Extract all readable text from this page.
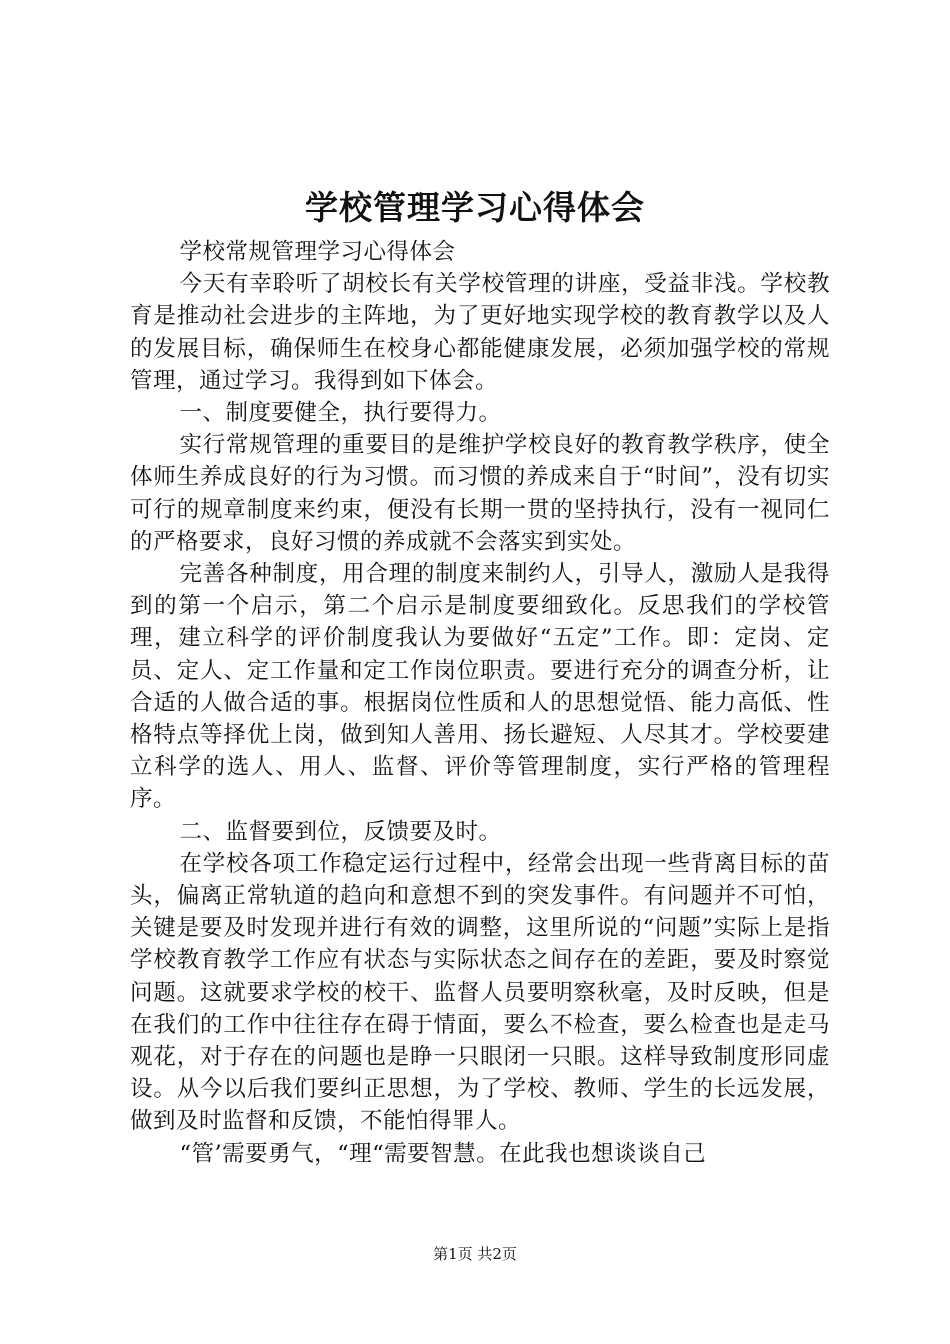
学校管理学习心得体会

学校常规管理学习心得体会

今天有幸聆听了胡校长有关学校管理的讲座，受益非浅。学校教育是推动社会进步的主阵地，为了更好地实现学校的教育教学以及人的发展目标，确保师生在校身心都能健康发展，必须加强学校的常规管理，通过学习。我得到如下体会。

一、制度要健全，执行要得力。

实行常规管理的重要目的是维护学校良好的教育教学秩序，使全体师生养成良好的行为习惯。而习惯的养成来自于“时间”，没有切实可行的规章制度来约束，便没有长期一贯的坚持执行，没有一视同仁的严格要求，良好习惯的养成就不会落实到实处。

完善各种制度，用合理的制度来制约人，引导人，激励人是我得到的第一个启示，第二个启示是制度要细致化。反思我们的学校管理，建立科学的评价制度我认为要做好“五定”工作。即：定岗、定员、定人、定工作量和定工作岗位职责。要进行充分的调查分析，让合适的人做合适的事。根据岗位性质和人的思想觉悟、能力高低、性格特点等择优上岗，做到知人善用、扬长避短、人尽其才。学校要建立科学的选人、用人、监督、评价等管理制度，实行严格的管理程序。

二、监督要到位，反馈要及时。

在学校各项工作稳定运行过程中，经常会出现一些背离目标的苗头，偏离正常轨道的趋向和意想不到的突发事件。有问题并不可怕，关键是要及时发现并进行有效的调整，这里所说的“问题”实际上是指学校教育教学工作应有状态与实际状态之间存在的差距，要及时察觉问题。这就要求学校的校干、监督人员要明察秋毫，及时反映，但是在我们的工作中往往存在碍于情面，要么不检查，要么检查也是走马观花，对于存在的问题也是睁一只眼闭一只眼。这样导致制度形同虚设。从今以后我们要纠正思想，为了学校、教师、学生的长远发展，做到及时监督和反馈，不能怕得罪人。

“管’需要勇气，“理“需要智慧。在此我也想谈谈自己

第1页 共2页
